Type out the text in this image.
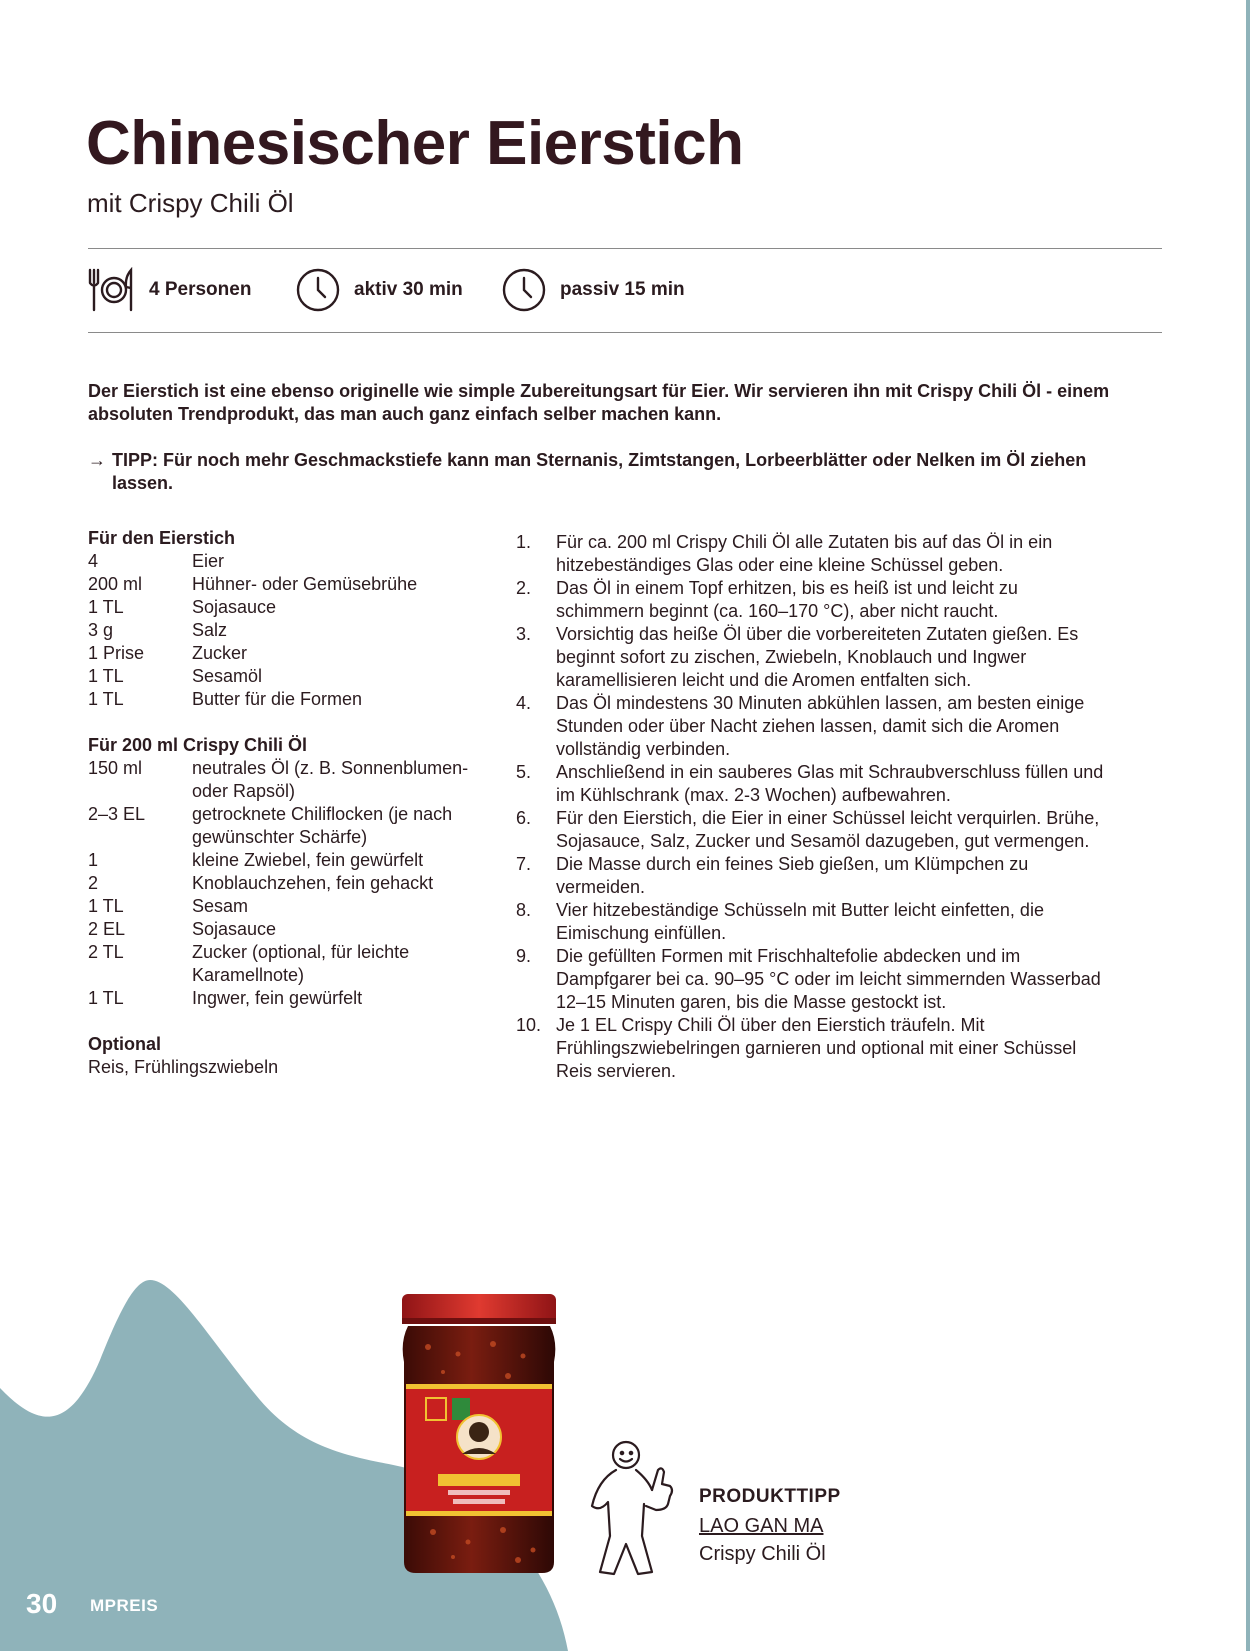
Chinesischer Eierstich
mit Crispy Chili Öl
4 Personen	aktiv 30 min	passiv 15 min
Der Eierstich ist eine ebenso originelle wie simple Zubereitungsart für Eier. Wir servieren ihn mit Crispy Chili Öl - einem absoluten Trendprodukt, das man auch ganz einfach selber machen kann.
→ TIPP: Für noch mehr Geschmackstiefe kann man Sternanis, Zimtstangen, Lorbeerblätter oder Nelken im Öl ziehen lassen.
Für den Eierstich
4	Eier
200 ml	Hühner- oder Gemüsebrühe
1 TL	Sojasauce
3 g	Salz
1 Prise	Zucker
1 TL	Sesamöl
1 TL	Butter für die Formen
Für 200 ml Crispy Chili Öl
150 ml	neutrales Öl (z. B. Sonnenblumen- oder Rapsöl)
2–3 EL	getrocknete Chiliflocken (je nach gewünschter Schärfe)
1	kleine Zwiebel, fein gewürfelt
2	Knoblauchzehen, fein gehackt
1 TL	Sesam
2 EL	Sojasauce
2 TL	Zucker (optional, für leichte Karamellnote)
1 TL	Ingwer, fein gewürfelt
Optional
Reis, Frühlingszwiebeln
1.	Für ca. 200 ml Crispy Chili Öl alle Zutaten bis auf das Öl in ein hitzebeständiges Glas oder eine kleine Schüssel geben.
2.	Das Öl in einem Topf erhitzen, bis es heiß ist und leicht zu schimmern beginnt (ca. 160–170 °C), aber nicht raucht.
3.	Vorsichtig das heiße Öl über die vorbereiteten Zutaten gießen. Es beginnt sofort zu zischen, Zwiebeln, Knoblauch und Ingwer karamellisieren leicht und die Aromen entfalten sich.
4.	Das Öl mindestens 30 Minuten abkühlen lassen, am besten einige Stunden oder über Nacht ziehen lassen, damit sich die Aromen vollständig verbinden.
5.	Anschließend in ein sauberes Glas mit Schraubverschluss füllen und im Kühlschrank (max. 2-3 Wochen) aufbewahren.
6.	Für den Eierstich, die Eier in einer Schüssel leicht verquirlen. Brühe, Sojasauce, Salz, Zucker und Sesamöl dazugeben, gut vermengen.
7.	Die Masse durch ein feines Sieb gießen, um Klümpchen zu vermeiden.
8.	Vier hitzebeständige Schüsseln mit Butter leicht einfetten, die Eimischung einfüllen.
9.	Die gefüllten Formen mit Frischhaltefolie abdecken und im Dampfgarer bei ca. 90–95 °C oder im leicht simmernden Wasserbad 12–15 Minuten garen, bis die Masse gestockt ist.
10. Je 1 EL Crispy Chili Öl über den Eierstich träufeln. Mit Frühlingszwiebelringen garnieren und optional mit einer Schüssel Reis servieren.
PRODUKTTIPP
LAO GAN MA
Crispy Chili Öl
30 MPREIS
